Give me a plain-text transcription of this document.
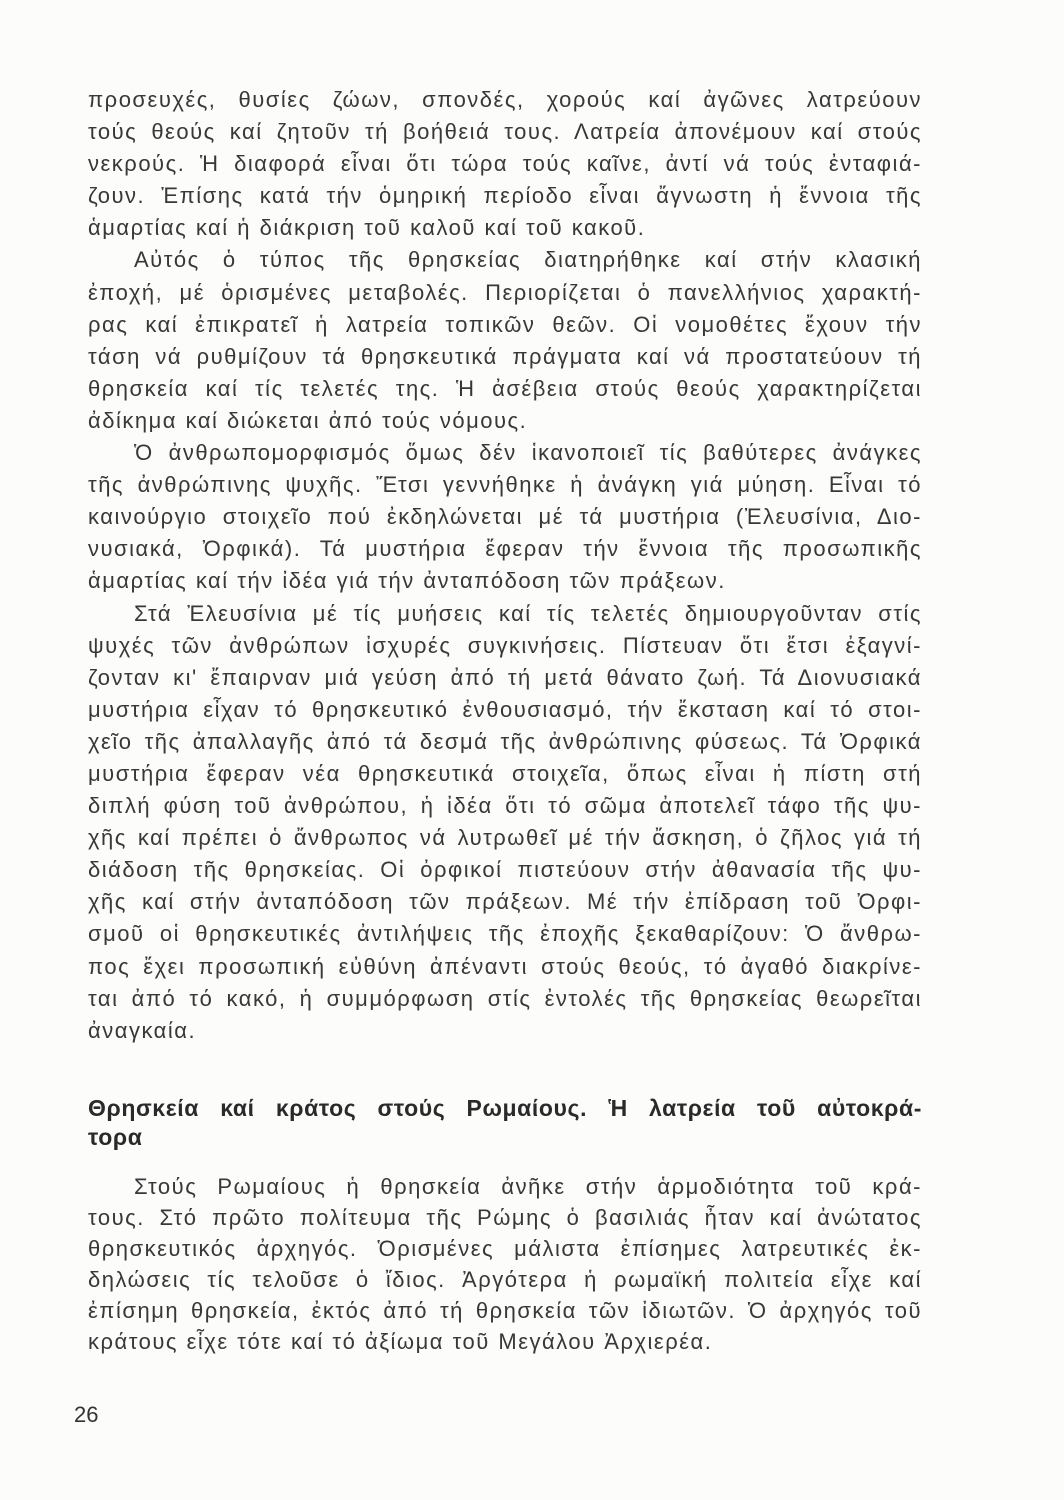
προσευχές, θυσίες ζώων, σπονδές, χορούς καί ἀγῶνες λατρεύουν
τούς θεούς καί ζητοῦν τή βοήθειά τους. Λατρεία ἀπονέμουν καί στούς
νεκρούς. Ἡ διαφορά εἶναι ὅτι τώρα τούς καῖνε, ἀντί νά τούς ἐνταφιά-
ζουν. Ἐπίσης κατά τήν ὁμηρική περίοδο εἶναι ἄγνωστη ἡ ἔννοια τῆς
ἁμαρτίας καί ἡ διάκριση τοῦ καλοῦ καί τοῦ κακοῦ.
Αὐτός ὁ τύπος τῆς θρησκείας διατηρήθηκε καί στήν κλασική
ἐποχή, μέ ὁρισμένες μεταβολές. Περιορίζεται ὁ πανελλήνιος χαρακτή-
ρας καί ἐπικρατεῖ ἡ λατρεία τοπικῶν θεῶν. Οἱ νομοθέτες ἔχουν τήν
τάση νά ρυθμίζουν τά θρησκευτικά πράγματα καί νά προστατεύουν τή
θρησκεία καί τίς τελετές της. Ἡ ἀσέβεια στούς θεούς χαρακτηρίζεται
ἀδίκημα καί διώκεται ἀπό τούς νόμους.
Ὁ ἀνθρωπομορφισμός ὅμως δέν ἱκανοποιεῖ τίς βαθύτερες ἀνάγκες
τῆς ἀνθρώπινης ψυχῆς. Ἔτσι γεννήθηκε ἡ ἀνάγκη γιά μύηση. Εἶναι τό
καινούργιο στοιχεῖο πού ἐκδηλώνεται μέ τά μυστήρια (Ἐλευσίνια, Διο-
νυσιακά, Ὀρφικά). Τά μυστήρια ἔφεραν τήν ἔννοια τῆς προσωπικῆς
ἁμαρτίας καί τήν ἰδέα γιά τήν ἀνταπόδοση τῶν πράξεων.
Στά Ἐλευσίνια μέ τίς μυήσεις καί τίς τελετές δημιουργοῦνταν στίς
ψυχές τῶν ἀνθρώπων ἰσχυρές συγκινήσεις. Πίστευαν ὅτι ἔτσι ἐξαγνί-
ζονταν κι' ἔπαιρναν μιά γεύση ἀπό τή μετά θάνατο ζωή. Τά Διονυσιακά
μυστήρια εἶχαν τό θρησκευτικό ἐνθουσιασμό, τήν ἔκσταση καί τό στοι-
χεῖο τῆς ἀπαλλαγῆς ἀπό τά δεσμά τῆς ἀνθρώπινης φύσεως. Τά Ὀρφικά
μυστήρια ἔφεραν νέα θρησκευτικά στοιχεῖα, ὅπως εἶναι ἡ πίστη στή
διπλή φύση τοῦ ἀνθρώπου, ἡ ἰδέα ὅτι τό σῶμα ἀποτελεῖ τάφο τῆς ψυ-
χῆς καί πρέπει ὁ ἄνθρωπος νά λυτρωθεῖ μέ τήν ἄσκηση, ὁ ζῆλος γιά τή
διάδοση τῆς θρησκείας. Οἱ ὀρφικοί πιστεύουν στήν ἀθανασία τῆς ψυ-
χῆς καί στήν ἀνταπόδοση τῶν πράξεων. Μέ τήν ἐπίδραση τοῦ Ὀρφι-
σμοῦ οἱ θρησκευτικές ἀντιλήψεις τῆς ἐποχῆς ξεκαθαρίζουν: Ὁ ἄνθρω-
πος ἔχει προσωπική εὐθύνη ἀπέναντι στούς θεούς, τό ἀγαθό διακρίνε-
ται ἀπό τό κακό, ἡ συμμόρφωση στίς ἐντολές τῆς θρησκείας θεωρεῖται
ἀναγκαία.
Θρησκεία καί κράτος στούς Ρωμαίους. Ἡ λατρεία τοῦ αὐτοκρά-
τορα
Στούς Ρωμαίους ἡ θρησκεία ἀνῆκε στήν ἁρμοδιότητα τοῦ κρά-
τους. Στό πρῶτο πολίτευμα τῆς Ρώμης ὁ βασιλιάς ἦταν καί ἀνώτατος
θρησκευτικός ἀρχηγός. Ὁρισμένες μάλιστα ἐπίσημες λατρευτικές ἐκ-
δηλώσεις τίς τελοῦσε ὁ ἴδιος. Ἀργότερα ἡ ρωμαϊκή πολιτεία εἶχε καί
ἐπίσημη θρησκεία, ἐκτός ἀπό τή θρησκεία τῶν ἰδιωτῶν. Ὁ ἀρχηγός τοῦ
κράτους εἶχε τότε καί τό ἀξίωμα τοῦ Μεγάλου Ἀρχιερέα.
26
